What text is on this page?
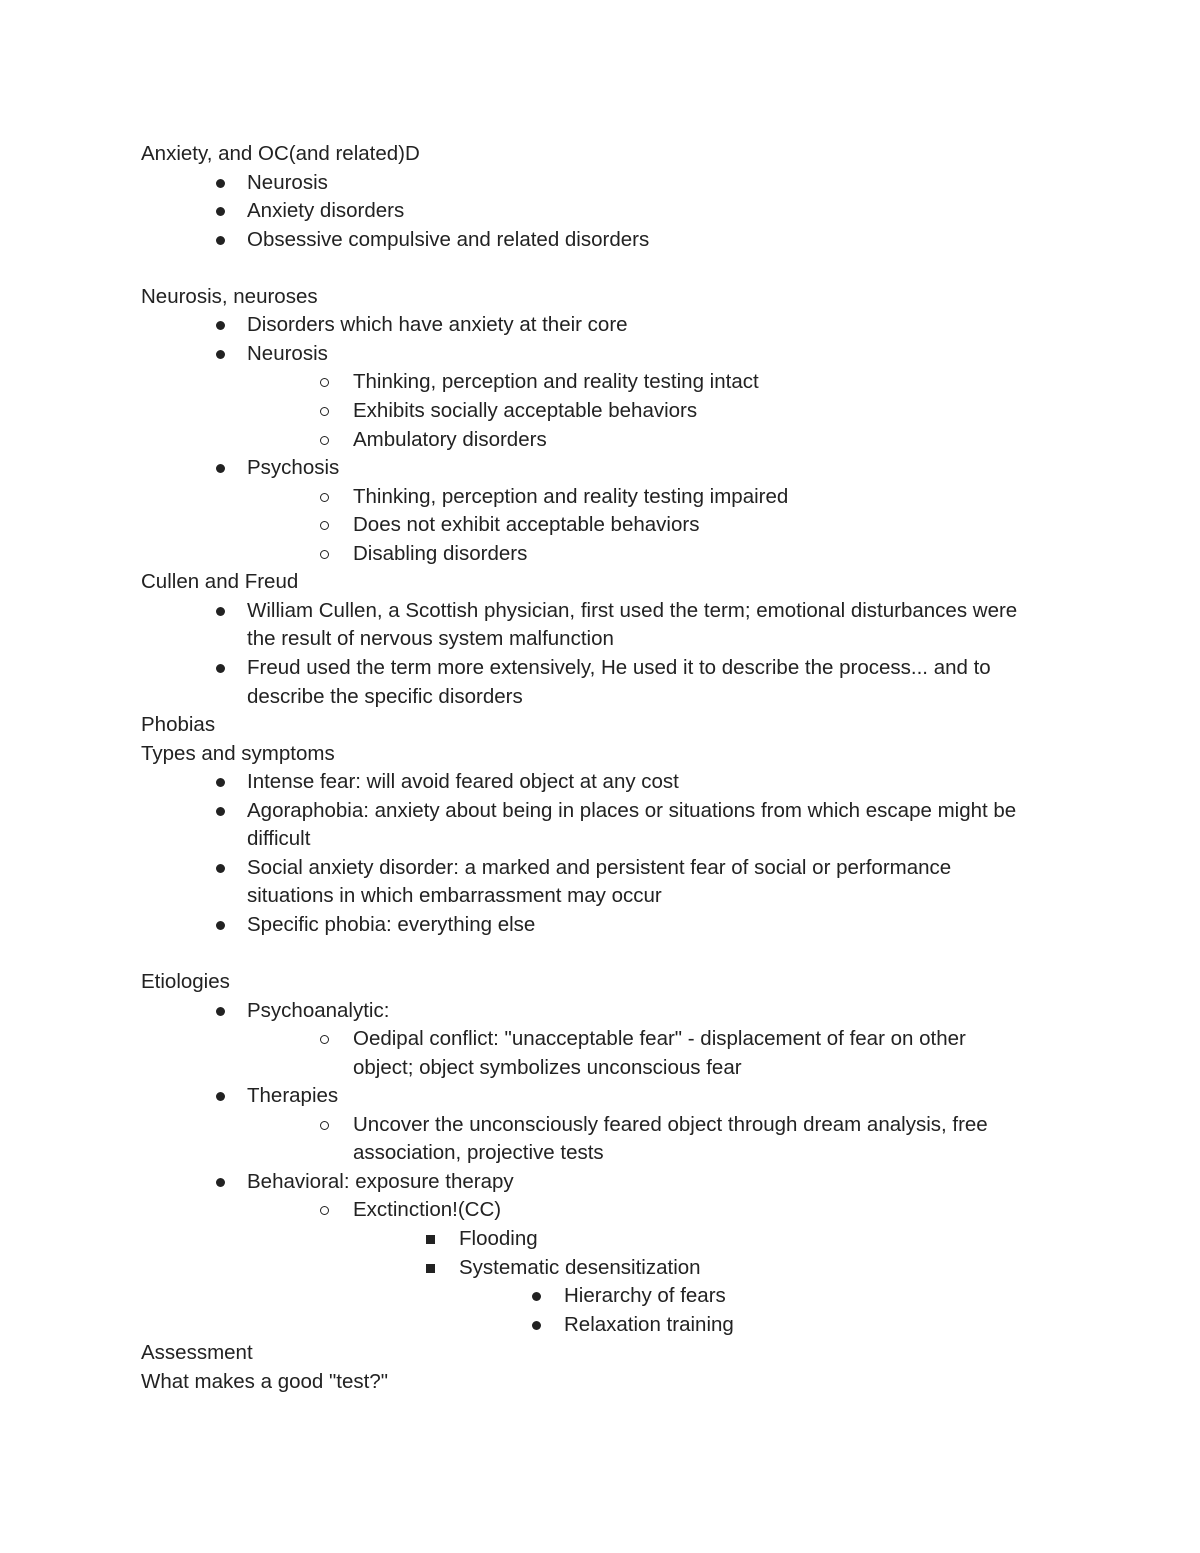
Anxiety, and OC(and related)D
Neurosis
Anxiety disorders
Obsessive compulsive and related disorders
Neurosis, neuroses
Disorders which have anxiety at their core
Neurosis
Thinking, perception and reality testing intact
Exhibits socially acceptable behaviors
Ambulatory disorders
Psychosis
Thinking, perception and reality testing impaired
Does not exhibit acceptable behaviors
Disabling disorders
Cullen and Freud
William Cullen, a Scottish physician, first used the term; emotional disturbances were
the result of nervous system malfunction
Freud used the term more extensively, He used it to describe the process... and to
describe the specific disorders
Phobias
Types and symptoms
Intense fear: will avoid feared object at any cost
Agoraphobia: anxiety about being in places or situations from which escape might be
difficult
Social anxiety disorder: a marked and persistent fear of social or performance
situations in which embarrassment may occur
Specific phobia: everything else
Etiologies
Psychoanalytic:
Oedipal conflict: "unacceptable fear" - displacement of fear on other
object; object symbolizes unconscious fear
Therapies
Uncover the unconsciously feared object through dream analysis, free
association, projective tests
Behavioral: exposure therapy
Exctinction!(CC)
Flooding
Systematic desensitization
Hierarchy of fears
Relaxation training
Assessment
What makes a good "test?"
